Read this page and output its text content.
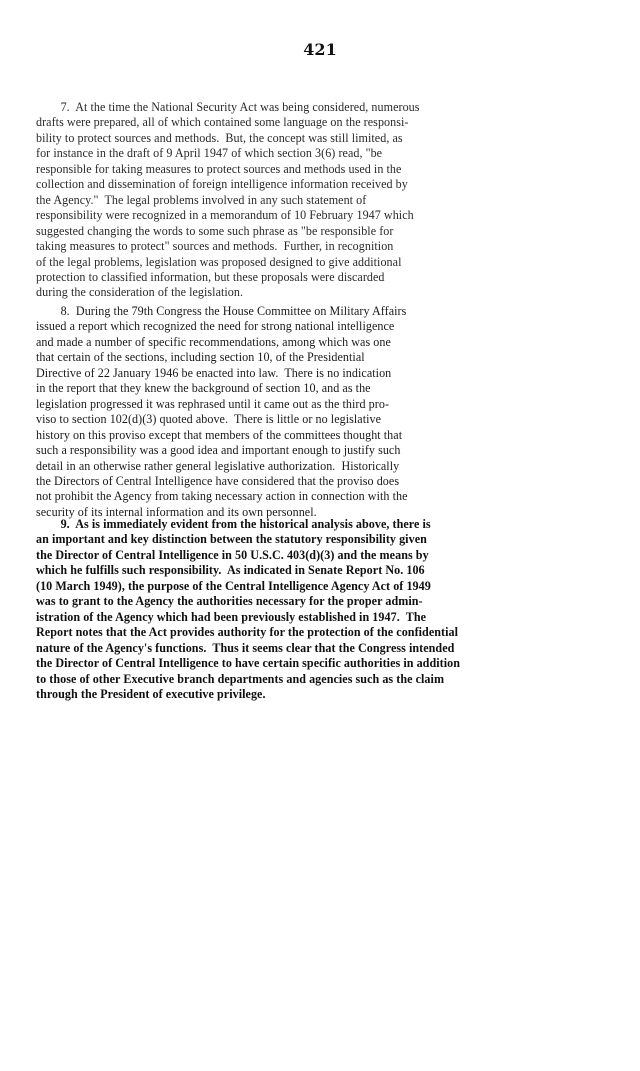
421
7.  At the time the National Security Act was being considered, numerous
drafts were prepared, all of which contained some language on the responsi-
bility to protect sources and methods.  But, the concept was still limited, as
for instance in the draft of 9 April 1947 of which section 3(6) read, "be
responsible for taking measures to protect sources and methods used in the
collection and dissemination of foreign intelligence information received by
the Agency."  The legal problems involved in any such statement of
responsibility were recognized in a memorandum of 10 February 1947 which
suggested changing the words to some such phrase as "be responsible for
taking measures to protect" sources and methods.  Further, in recognition
of the legal problems, legislation was proposed designed to give additional
protection to classified information, but these proposals were discarded
during the consideration of the legislation.
8.  During the 79th Congress the House Committee on Military Affairs
issued a report which recognized the need for strong national intelligence
and made a number of specific recommendations, among which was one
that certain of the sections, including section 10, of the Presidential
Directive of 22 January 1946 be enacted into law.  There is no indication
in the report that they knew the background of section 10, and as the
legislation progressed it was rephrased until it came out as the third pro-
viso to section 102(d)(3) quoted above.  There is little or no legislative
history on this proviso except that members of the committees thought that
such a responsibility was a good idea and important enough to justify such
detail in an otherwise rather general legislative authorization.  Historically
the Directors of Central Intelligence have considered that the proviso does
not prohibit the Agency from taking necessary action in connection with the
security of its internal information and its own personnel.
9.  As is immediately evident from the historical analysis above, there is
an important and key distinction between the statutory responsibility given
the Director of Central Intelligence in 50 U.S.C. 403(d)(3) and the means by
which he fulfills such responsibility.  As indicated in Senate Report No. 106
(10 March 1949), the purpose of the Central Intelligence Agency Act of 1949
was to grant to the Agency the authorities necessary for the proper admin-
istration of the Agency which had been previously established in 1947.  The
Report notes that the Act provides authority for the protection of the confidential
nature of the Agency's functions.  Thus it seems clear that the Congress intended
the Director of Central Intelligence to have certain specific authorities in addition
to those of other Executive branch departments and agencies such as the claim
through the President of executive privilege.
